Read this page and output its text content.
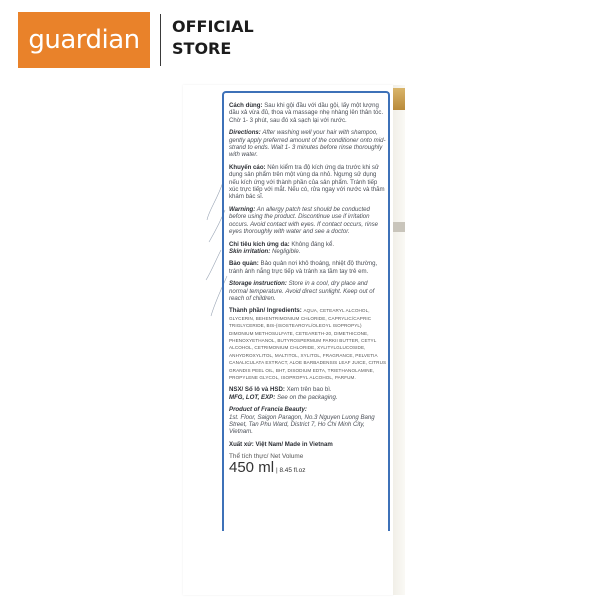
guardian OFFICIAL
STORE

Cách dùng: Sau khi gội đầu với dầu gội, lấy một lượng dầu xả vừa đủ, thoa và massage nhẹ nhàng lên thân tóc. Chờ 1- 3 phút, sau đó xả sạch lại với nước.

Directions: After washing well your hair with shampoo, gently apply preferred amount of the conditioner onto mid- strand to ends. Wait 1- 3 minutes before rinse thoroughly with water.

Khuyến cáo: Nên kiểm tra độ kích ứng da trước khi sử dụng sản phẩm trên một vùng da nhỏ. Ngưng sử dụng nếu kích ứng với thành phần của sản phẩm. Tránh tiếp xúc trực tiếp với mắt. Nếu có, rửa ngay với nước và thăm khám bác sĩ.

Warning: An allergy patch test should be conducted before using the product. Discontinue use if irritation occurs. Avoid contact with eyes. If contact occurs, rinse eyes thoroughly with water and see a doctor.

Chỉ tiêu kích ứng da: Không đáng kể.
Skin irritation: Negligible.

Bảo quản: Bảo quản nơi khô thoáng, nhiệt độ thường, tránh ánh nắng trực tiếp và tránh xa tầm tay trẻ em.

Storage instruction: Store in a cool, dry place and normal temperature. Avoid direct sunlight. Keep out of reach of children.

Thành phần/ Ingredients: AQUA, CETEARYL ALCOHOL, GLYCERIN, BEHENTRIMONIUM CHLORIDE, CAPRYLIC/CAPRIC TRIGLYCERIDE, BIS-(ISOSTEAROYL/OLEOYL ISOPROPYL) DIMONIUM METHOSULFATE, CETEARETH-20, DIMETHICONE, PHENOXYETHANOL, BUTYROSPERMUM PARKII BUTTER, CETYL ALCOHOL, CETRIMONIUM CHLORIDE, XYLITYLGLUCOSIDE, ANHYDROXYLITOL, MALTITOL, XYLITOL, FRAGRANCE, PELVETIA CANALICULATA EXTRACT, ALOE BARBADENSIS LEAF JUICE, CITRUS GRANDIS PEEL OIL, BHT, DISODIUM EDTA, TRIETHANOLAMINE, PROPYLENE GLYCOL, ISOPROPYL ALCOHOL, PARFUM.

NSX/ Số lô và HSD: Xem trên bao bì.
MFG, LOT, EXP: See on the packaging.

Product of Francia Beauty:
1st. Floor, Saigon Paragon, No.3 Nguyen Luong Bang Street, Tan Phu Ward, District 7, Ho Chi Minh City, Vietnam.

Xuất xứ: Việt Nam/ Made in Vietnam

Thể tích thực/ Net Volume
450 ml | 8.45 fl.oz
